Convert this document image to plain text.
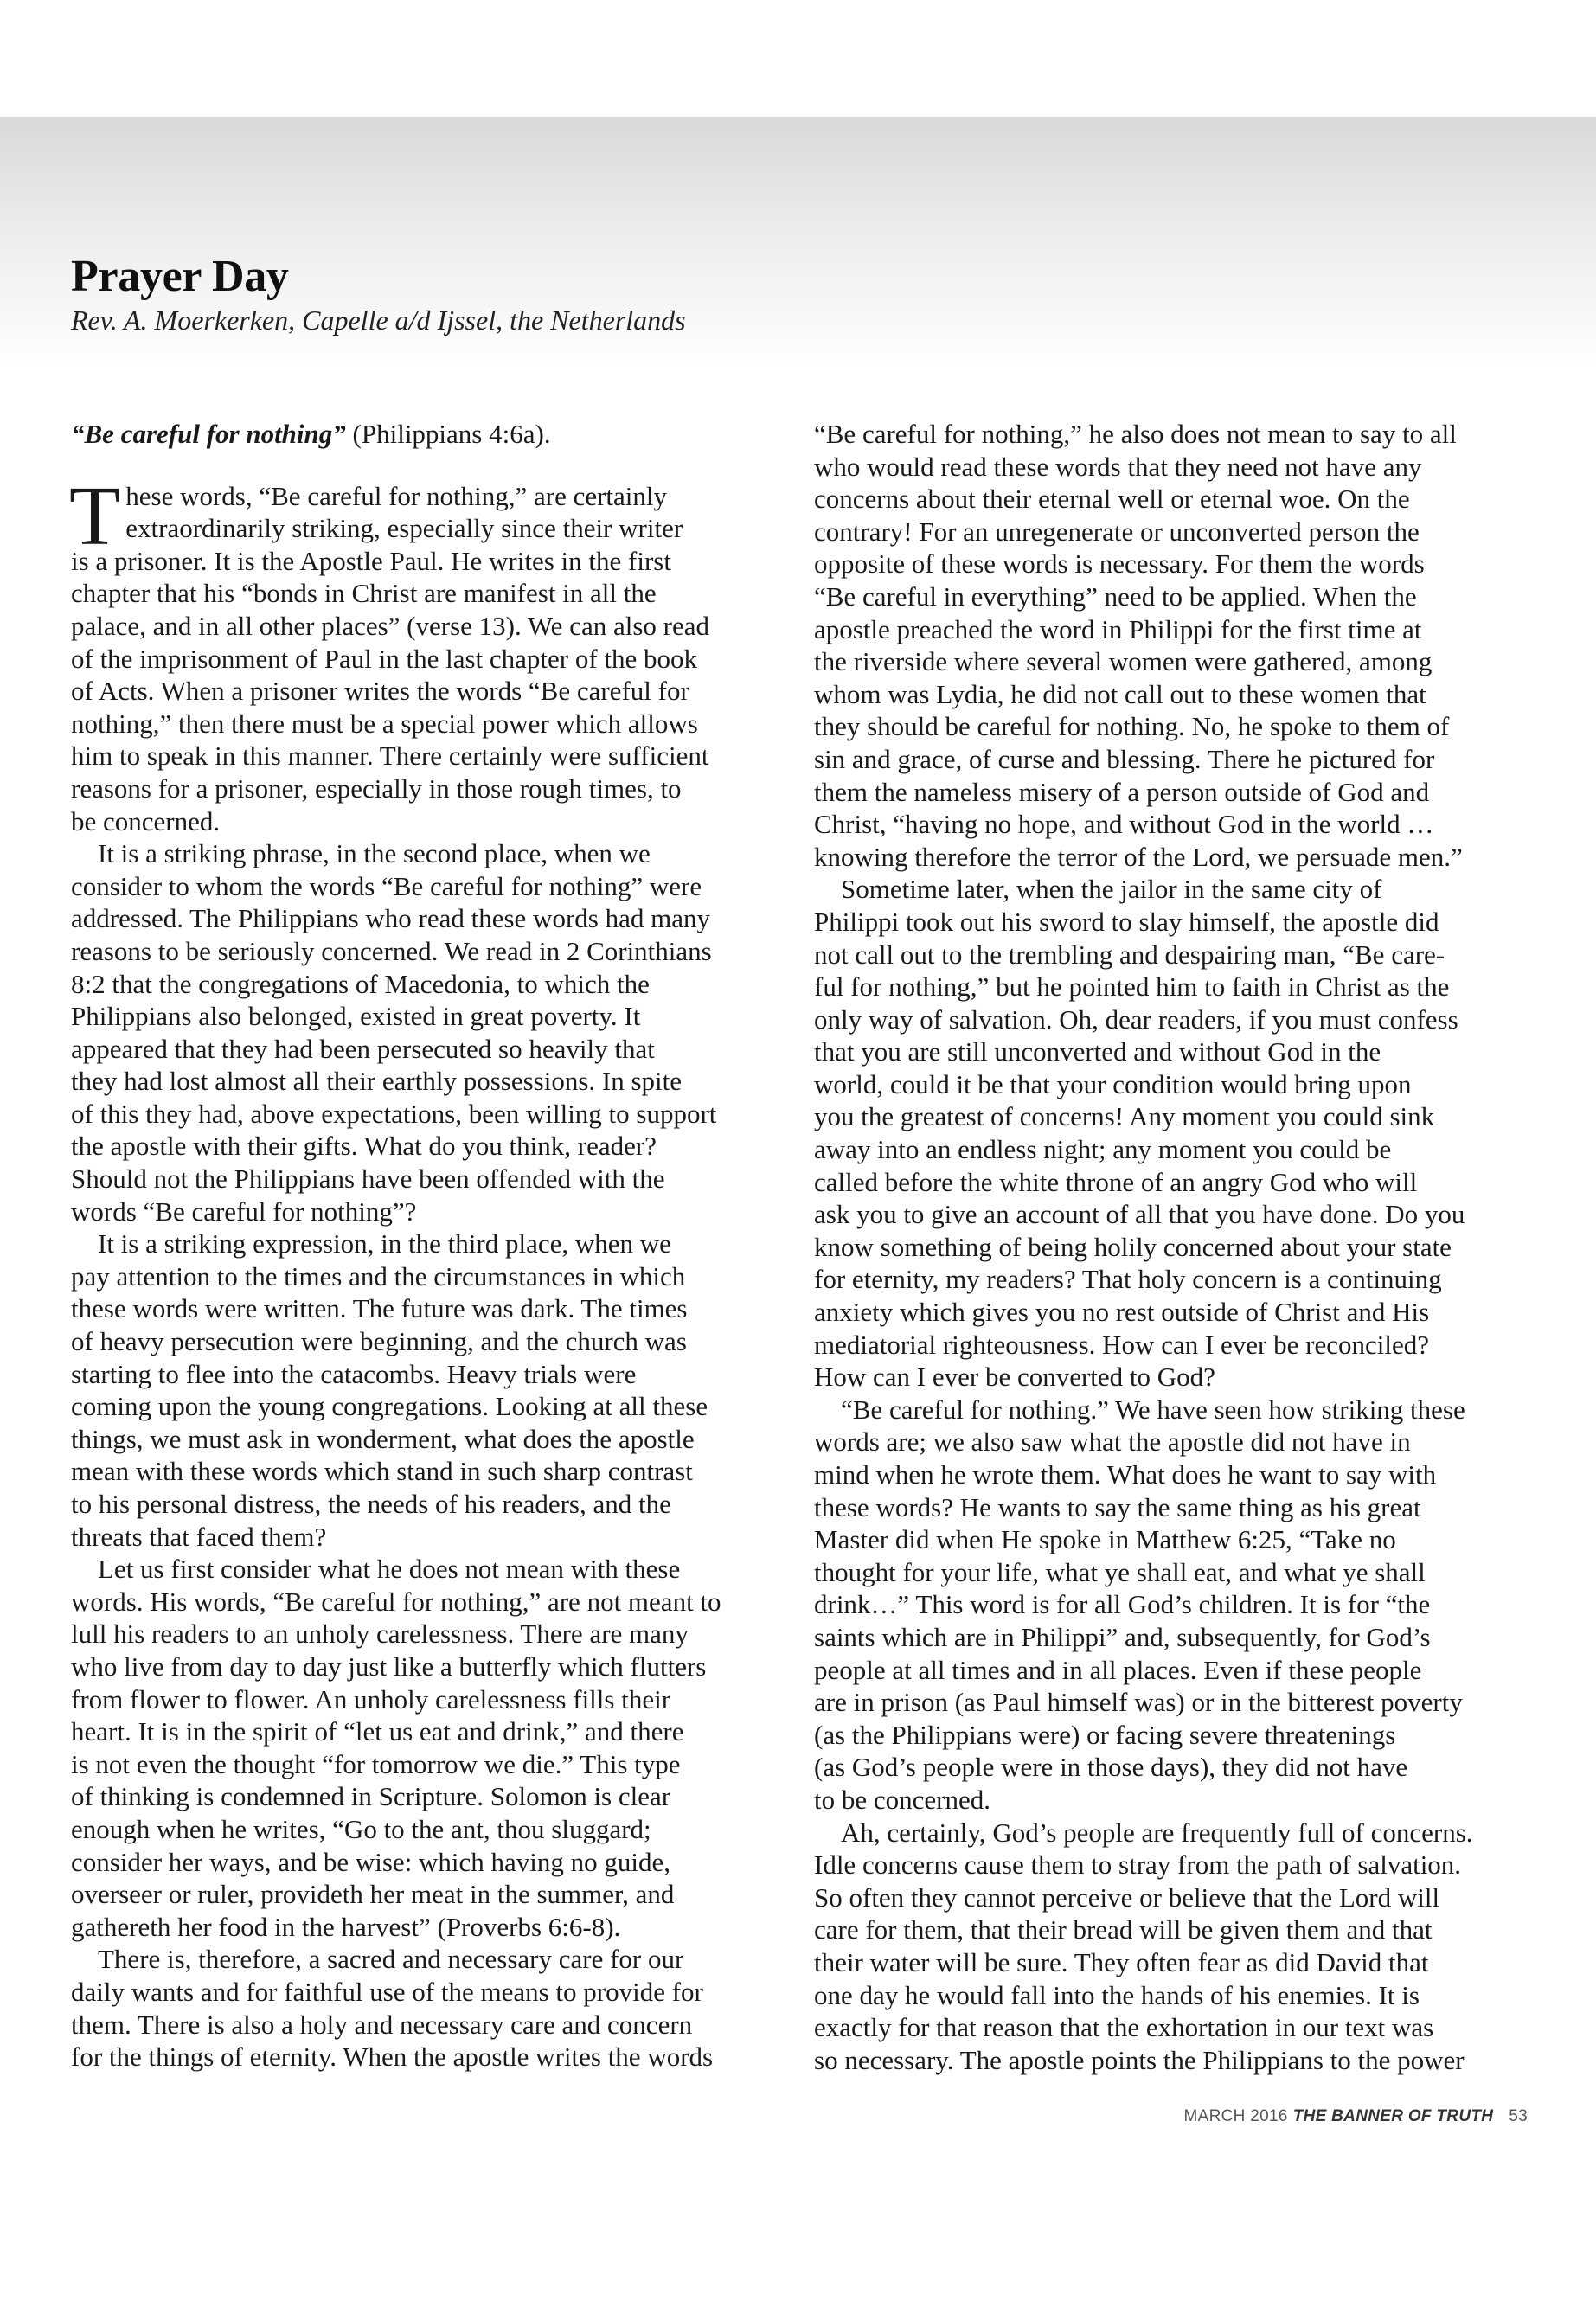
Prayer Day
Rev. A. Moerkerken, Capelle a/d Ijssel, the Netherlands
“Be careful for nothing” (Philippians 4:6a).
T hese words, “Be careful for nothing,” are certainly
extraordinarily striking, especially since their writer
is a prisoner. It is the Apostle Paul. He writes in the first
chapter that his “bonds in Christ are manifest in all the
palace, and in all other places” (verse 13). We can also read
of the imprisonment of Paul in the last chapter of the book
of Acts. When a prisoner writes the words “Be careful for
nothing,” then there must be a special power which allows
him to speak in this manner. There certainly were sufficient
reasons for a prisoner, especially in those rough times, to
be concerned.
 It is a striking phrase, in the second place, when we
consider to whom the words “Be careful for nothing” were
addressed. The Philippians who read these words had many
reasons to be seriously concerned. We read in 2 Corinthians
8:2 that the congregations of Macedonia, to which the
Philippians also belonged, existed in great poverty. It
appeared that they had been persecuted so heavily that
they had lost almost all their earthly possessions. In spite
of this they had, above expectations, been willing to support
the apostle with their gifts. What do you think, reader?
Should not the Philippians have been offended with the
words “Be careful for nothing”?
 It is a striking expression, in the third place, when we
pay attention to the times and the circumstances in which
these words were written. The future was dark. The times
of heavy persecution were beginning, and the church was
starting to flee into the catacombs. Heavy trials were
coming upon the young congregations. Looking at all these
things, we must ask in wonderment, what does the apostle
mean with these words which stand in such sharp contrast
to his personal distress, the needs of his readers, and the
threats that faced them?
 Let us first consider what he does not mean with these
words. His words, “Be careful for nothing,” are not meant to
lull his readers to an unholy carelessness. There are many
who live from day to day just like a butterfly which flutters
from flower to flower. An unholy carelessness fills their
heart. It is in the spirit of “let us eat and drink,” and there
is not even the thought “for tomorrow we die.” This type
of thinking is condemned in Scripture. Solomon is clear
enough when he writes, “Go to the ant, thou sluggard;
consider her ways, and be wise: which having no guide,
overseer or ruler, provideth her meat in the summer, and
gathereth her food in the harvest” (Proverbs 6:6-8).
 There is, therefore, a sacred and necessary care for our
daily wants and for faithful use of the means to provide for
them. There is also a holy and necessary care and concern
for the things of eternity. When the apostle writes the words
“Be careful for nothing,” he also does not mean to say to all
who would read these words that they need not have any
concerns about their eternal well or eternal woe. On the
contrary! For an unregenerate or unconverted person the
opposite of these words is necessary. For them the words
“Be careful in everything” need to be applied. When the
apostle preached the word in Philippi for the first time at
the riverside where several women were gathered, among
whom was Lydia, he did not call out to these women that
they should be careful for nothing. No, he spoke to them of
sin and grace, of curse and blessing. There he pictured for
them the nameless misery of a person outside of God and
Christ, “having no hope, and without God in the world …
knowing therefore the terror of the Lord, we persuade men.”
 Sometime later, when the jailor in the same city of
Philippi took out his sword to slay himself, the apostle did
not call out to the trembling and despairing man, “Be care-
ful for nothing,” but he pointed him to faith in Christ as the
only way of salvation. Oh, dear readers, if you must confess
that you are still unconverted and without God in the
world, could it be that your condition would bring upon
you the greatest of concerns! Any moment you could sink
away into an endless night; any moment you could be
called before the white throne of an angry God who will
ask you to give an account of all that you have done. Do you
know something of being holily concerned about your state
for eternity, my readers? That holy concern is a continuing
anxiety which gives you no rest outside of Christ and His
mediatorial righteousness. How can I ever be reconciled?
How can I ever be converted to God?
 “Be careful for nothing.” We have seen how striking these
words are; we also saw what the apostle did not have in
mind when he wrote them. What does he want to say with
these words? He wants to say the same thing as his great
Master did when He spoke in Matthew 6:25, “Take no
thought for your life, what ye shall eat, and what ye shall
drink…” This word is for all God’s children. It is for “the
saints which are in Philippi” and, subsequently, for God’s
people at all times and in all places. Even if these people
are in prison (as Paul himself was) or in the bitterest poverty
(as the Philippians were) or facing severe threatenings
(as God’s people were in those days), they did not have
to be concerned.
 Ah, certainly, God’s people are frequently full of concerns.
Idle concerns cause them to stray from the path of salvation.
So often they cannot perceive or believe that the Lord will
care for them, that their bread will be given them and that
their water will be sure. They often fear as did David that
one day he would fall into the hands of his enemies. It is
exactly for that reason that the exhortation in our text was
so necessary. The apostle points the Philippians to the power
MARCH 2016 THE BANNER OF TRUTH 53
